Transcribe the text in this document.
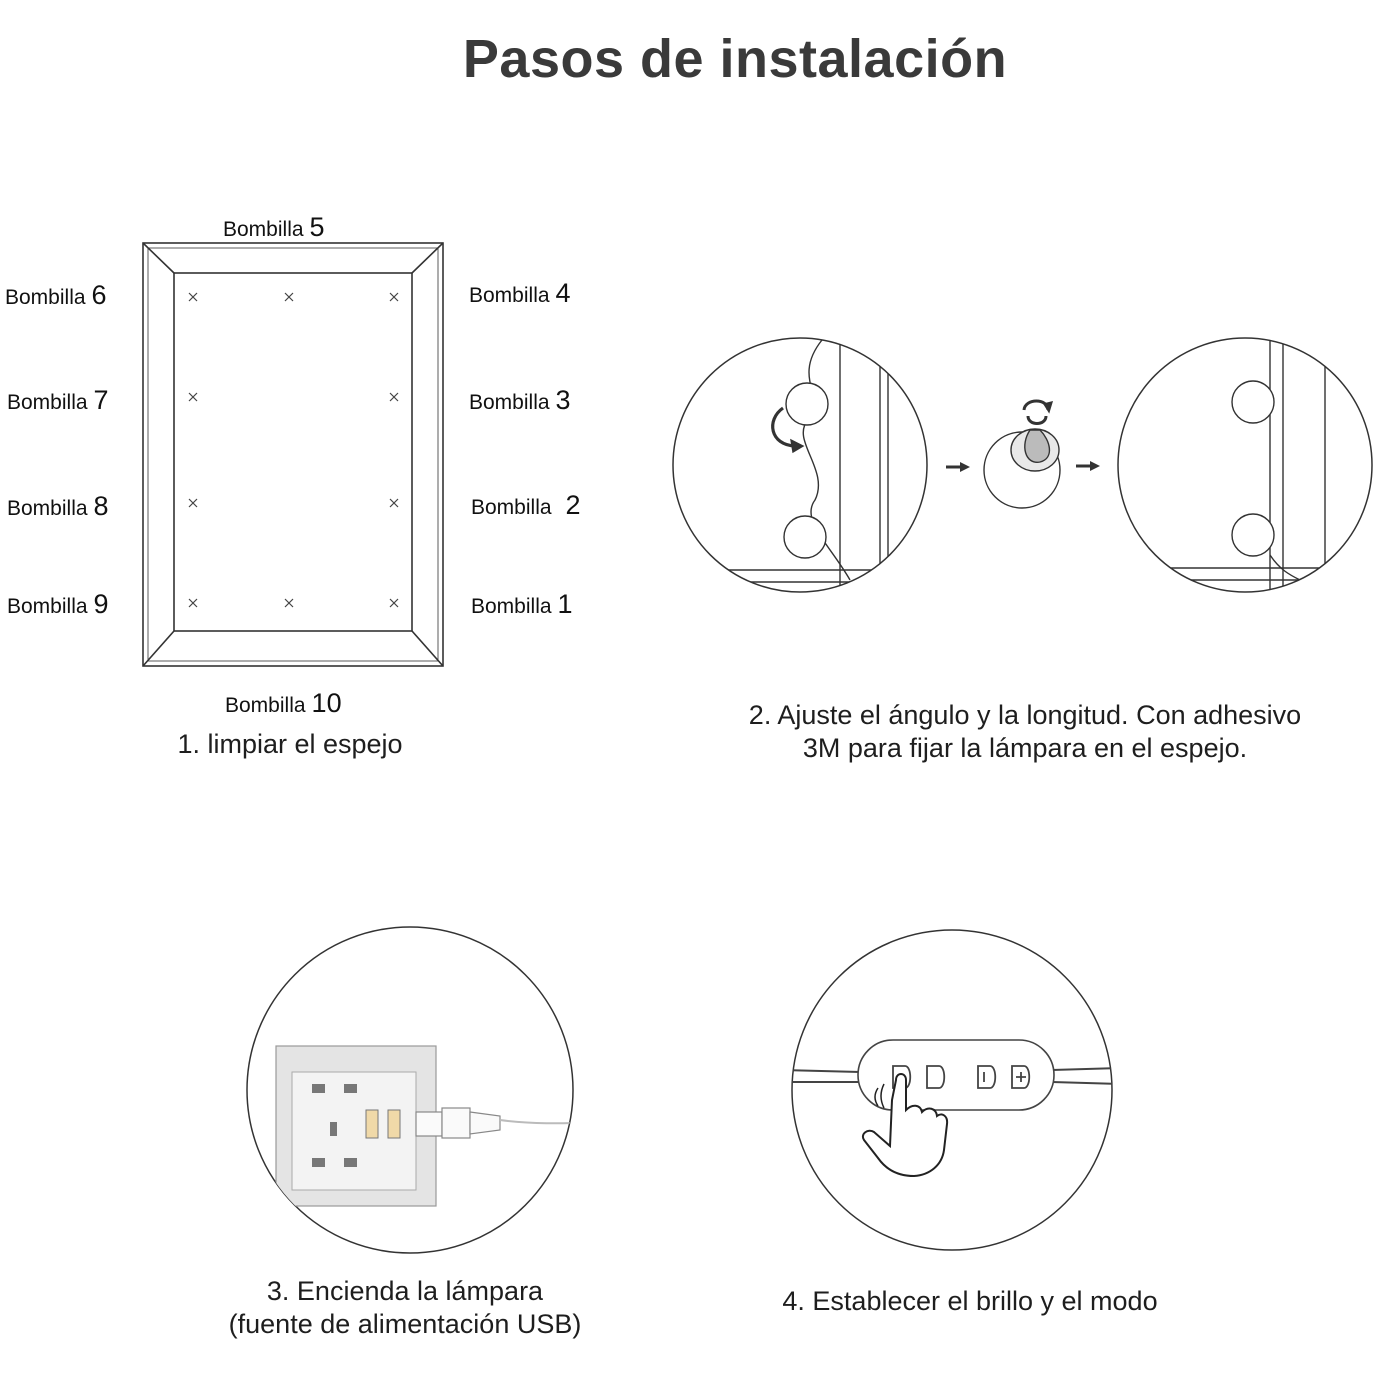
Pasos de instalación
Bombilla 5
Bombilla 6
Bombilla 7
Bombilla 8
Bombilla 9
Bombilla 4
Bombilla 3
Bombilla 2
Bombilla 1
Bombilla 10
1. limpiar el espejo
2. Ajuste el ángulo y la longitud. Con adhesivo
3M para fijar la lámpara en el espejo.
3. Encienda la lámpara
(fuente de alimentación USB)
4. Establecer el brillo y el modo
